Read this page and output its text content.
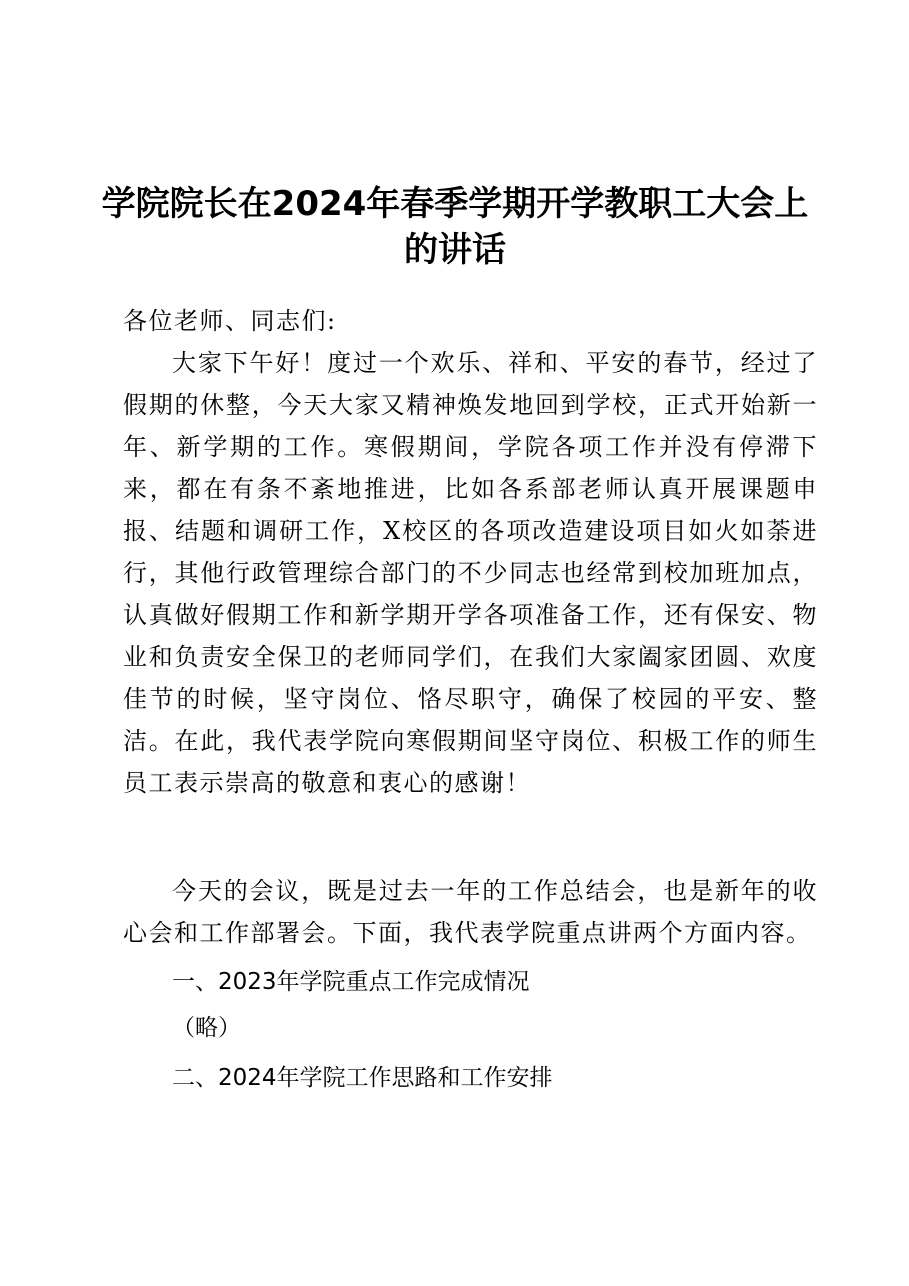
学院院长在2024年春季学期开学教职工大会上的讲话

各位老师、同志们:

大家下午好！度过一个欢乐、祥和、平安的春节，经过了假期的休整，今天大家又精神焕发地回到学校，正式开始新一年、新学期的工作。寒假期间，学院各项工作并没有停滞下来，都在有条不紊地推进，比如各系部老师认真开展课题申报、结题和调研工作，X校区的各项改造建设项目如火如荼进行，其他行政管理综合部门的不少同志也经常到校加班加点，认真做好假期工作和新学期开学各项准备工作，还有保安、物业和负责安全保卫的老师同学们，在我们大家阖家团圆、欢度佳节的时候，坚守岗位、恪尽职守，确保了校园的平安、整洁。在此，我代表学院向寒假期间坚守岗位、积极工作的师生员工表示崇高的敬意和衷心的感谢！

今天的会议，既是过去一年的工作总结会，也是新年的收心会和工作部署会。下面，我代表学院重点讲两个方面内容。

一、2023年学院重点工作完成情况

（略）

二、2024年学院工作思路和工作安排
